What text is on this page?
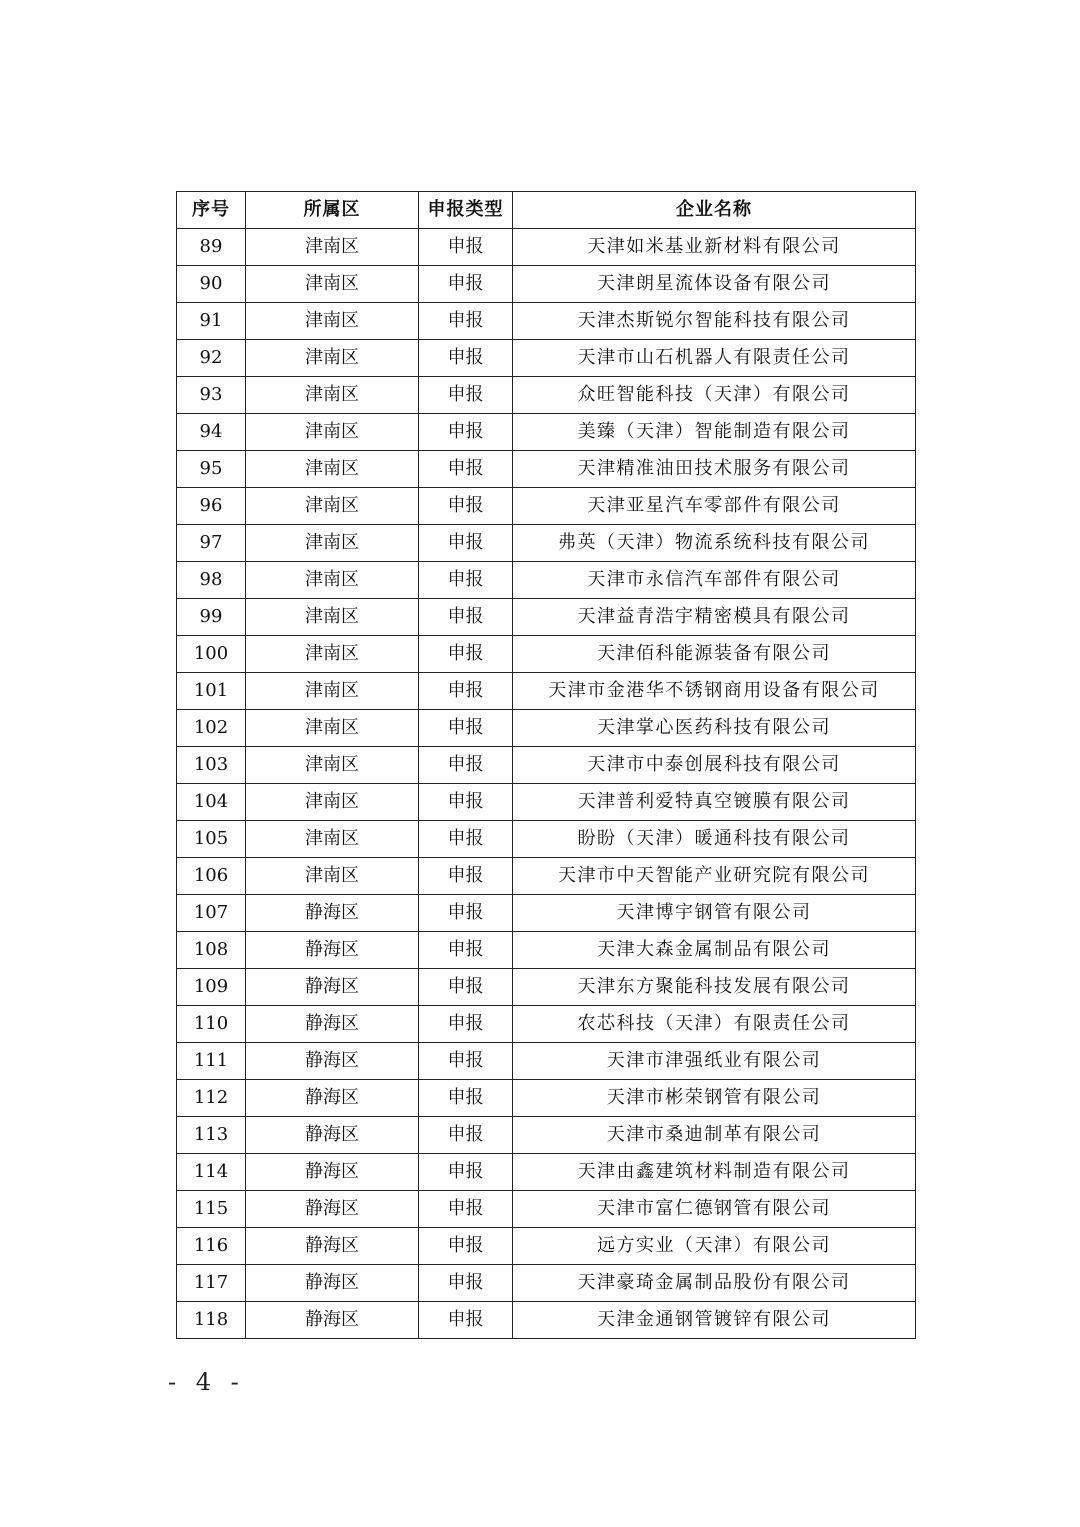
序号	所属区	申报类型	企业名称
89	津南区	申报	天津如米基业新材料有限公司
90	津南区	申报	天津朗星流体设备有限公司
91	津南区	申报	天津杰斯锐尔智能科技有限公司
92	津南区	申报	天津市山石机器人有限责任公司
93	津南区	申报	众旺智能科技（天津）有限公司
94	津南区	申报	美臻（天津）智能制造有限公司
95	津南区	申报	天津精准油田技术服务有限公司
96	津南区	申报	天津亚星汽车零部件有限公司
97	津南区	申报	弗英（天津）物流系统科技有限公司
98	津南区	申报	天津市永信汽车部件有限公司
99	津南区	申报	天津益青浩宇精密模具有限公司
100	津南区	申报	天津佰科能源装备有限公司
101	津南区	申报	天津市金港华不锈钢商用设备有限公司
102	津南区	申报	天津掌心医药科技有限公司
103	津南区	申报	天津市中泰创展科技有限公司
104	津南区	申报	天津普利爱特真空镀膜有限公司
105	津南区	申报	盼盼（天津）暖通科技有限公司
106	津南区	申报	天津市中天智能产业研究院有限公司
107	静海区	申报	天津博宇钢管有限公司
108	静海区	申报	天津大森金属制品有限公司
109	静海区	申报	天津东方聚能科技发展有限公司
110	静海区	申报	农芯科技（天津）有限责任公司
111	静海区	申报	天津市津强纸业有限公司
112	静海区	申报	天津市彬荣钢管有限公司
113	静海区	申报	天津市桑迪制革有限公司
114	静海区	申报	天津由鑫建筑材料制造有限公司
115	静海区	申报	天津市富仁德钢管有限公司
116	静海区	申报	远方实业（天津）有限公司
117	静海区	申报	天津豪琦金属制品股份有限公司
118	静海区	申报	天津金通钢管镀锌有限公司
- 4 -
